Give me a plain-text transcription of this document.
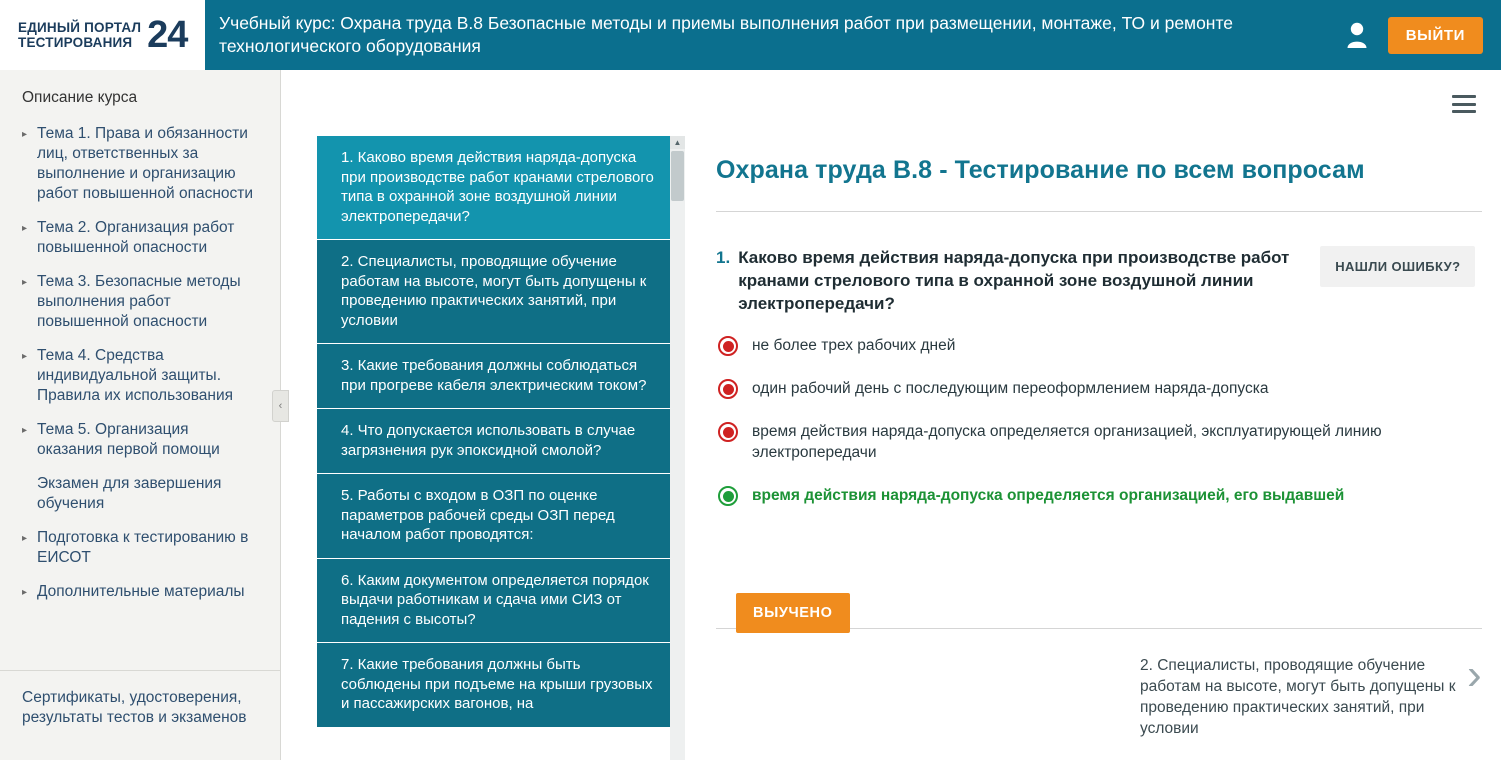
ЕДИНЫЙ ПОРТАЛ
ТЕСТИРОВАНИЯ 24	Учебный курс: Охрана труда B.8 Безопасные методы и приемы выполнения работ при размещении, монтаже, ТО и ремонте технологического оборудования
ВЫЙТИ
Описание курса
▸ Тема 1. Права и обязанности лиц, ответственных за выполнение и организацию работ повышенной опасности
▸ Тема 2. Организация работ повышенной опасности
▸ Тема 3. Безопасные методы выполнения работ повышенной опасности
▸ Тема 4. Средства индивидуальной защиты. Правила их использования
▸ Тема 5. Организация оказания первой помощи
Экзамен для завершения обучения
▸ Подготовка к тестированию в ЕИСОТ
▸ Дополнительные материалы
Сертификаты, удостоверения, результаты тестов и экзаменов
‹
1. Каково время действия наряда-допуска при производстве работ кранами стрелового типа в охранной зоне воздушной линии электропередачи?
2. Специалисты, проводящие обучение работам на высоте, могут быть допущены к проведению практических занятий, при условии
3. Какие требования должны соблюдаться при прогреве кабеля электрическим током?
4. Что допускается использовать в случае загрязнения рук эпоксидной смолой?
5. Работы с входом в ОЗП по оценке параметров рабочей среды ОЗП перед началом работ проводятся:
6. Каким документом определяется порядок выдачи работникам и сдача ими СИЗ от падения с высоты?
7. Какие требования должны быть соблюдены при подъеме на крыши грузовых и пассажирских вагонов, на
▲
Охрана труда B.8 - Тестирование по всем вопросам
1. Каково время действия наряда-допуска при производстве работ кранами стрелового типа в охранной зоне воздушной линии электропередачи?
НАШЛИ ОШИБКУ?
не более трех рабочих дней
один рабочий день с последующим переоформлением наряда-допуска
время действия наряда-допуска определяется организацией, эксплуатирующей линию электропередачи
время действия наряда-допуска определяется организацией, его выдавшей
ВЫУЧЕНО
2. Специалисты, проводящие обучение работам на высоте, могут быть допущены к проведению практических занятий, при условии
›
